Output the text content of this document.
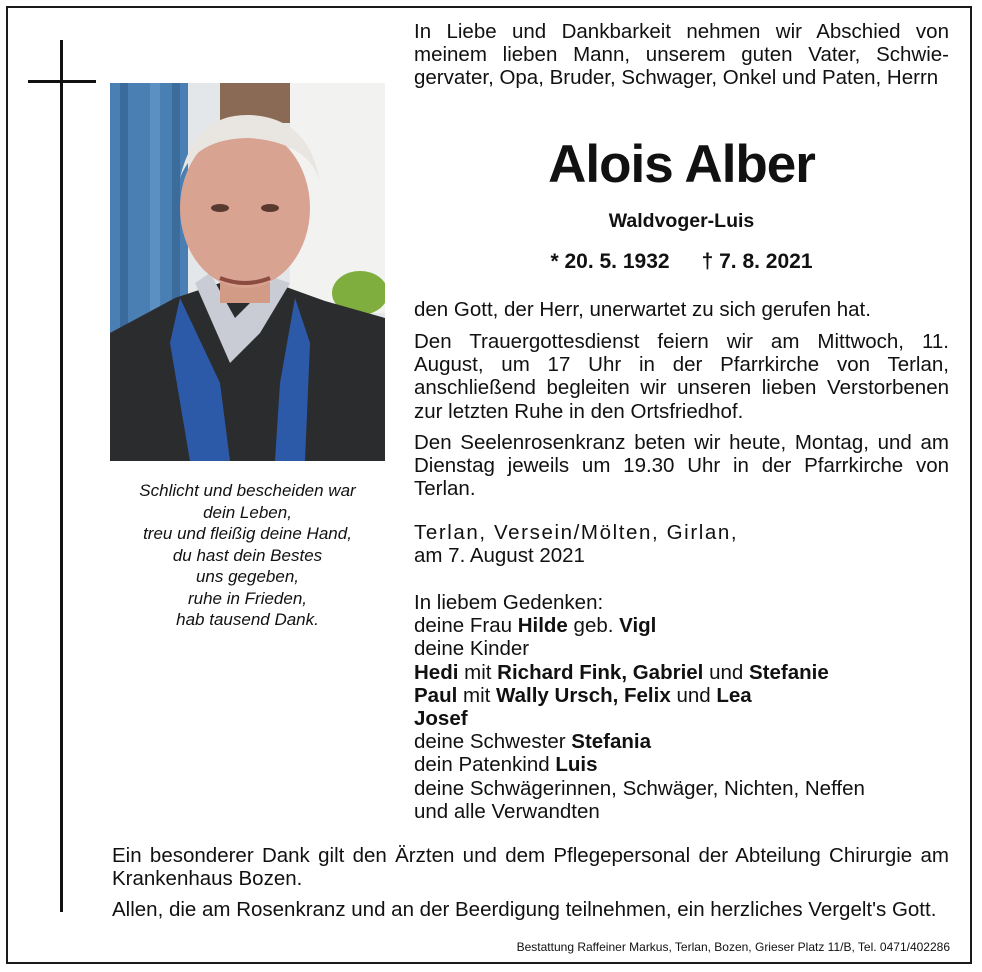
Schlicht und bescheiden war
dein Leben,
treu und fleißig deine Hand,
du hast dein Bestes
uns gegeben,
ruhe in Frieden,
hab tausend Dank.
In Liebe und Dankbarkeit nehmen wir Abschied von meinem lieben Mann, unserem guten Vater, Schwiegervater, Opa, Bruder, Schwager, Onkel und Paten, Herrn
Alois Alber
Waldvoger-Luis
* 20. 5. 1932 † 7. 8. 2021
den Gott, der Herr, unerwartet zu sich gerufen hat.
Den Trauergottesdienst feiern wir am Mittwoch, 11. August, um 17 Uhr in der Pfarrkirche von Terlan, anschließend begleiten wir unseren lieben Verstorbenen zur letzten Ruhe in den Ortsfriedhof.
Den Seelenrosenkranz beten wir heute, Montag, und am Dienstag jeweils um 19.30 Uhr in der Pfarrkirche von Terlan.
Terlan, Versein/Mölten, Girlan,
am 7. August 2021
In liebem Gedenken:
deine Frau Hilde geb. Vigl
deine Kinder
Hedi mit Richard Fink, Gabriel und Stefanie
Paul mit Wally Ursch, Felix und Lea
Josef
deine Schwester Stefania
dein Patenkind Luis
deine Schwägerinnen, Schwäger, Nichten, Neffen
und alle Verwandten
Ein besonderer Dank gilt den Ärzten und dem Pflegepersonal der Abteilung Chirurgie am Krankenhaus Bozen.
Allen, die am Rosenkranz und an der Beerdigung teilnehmen, ein herzliches Vergelt's Gott.
Bestattung Raffeiner Markus, Terlan, Bozen, Grieser Platz 11/B, Tel. 0471/402286
